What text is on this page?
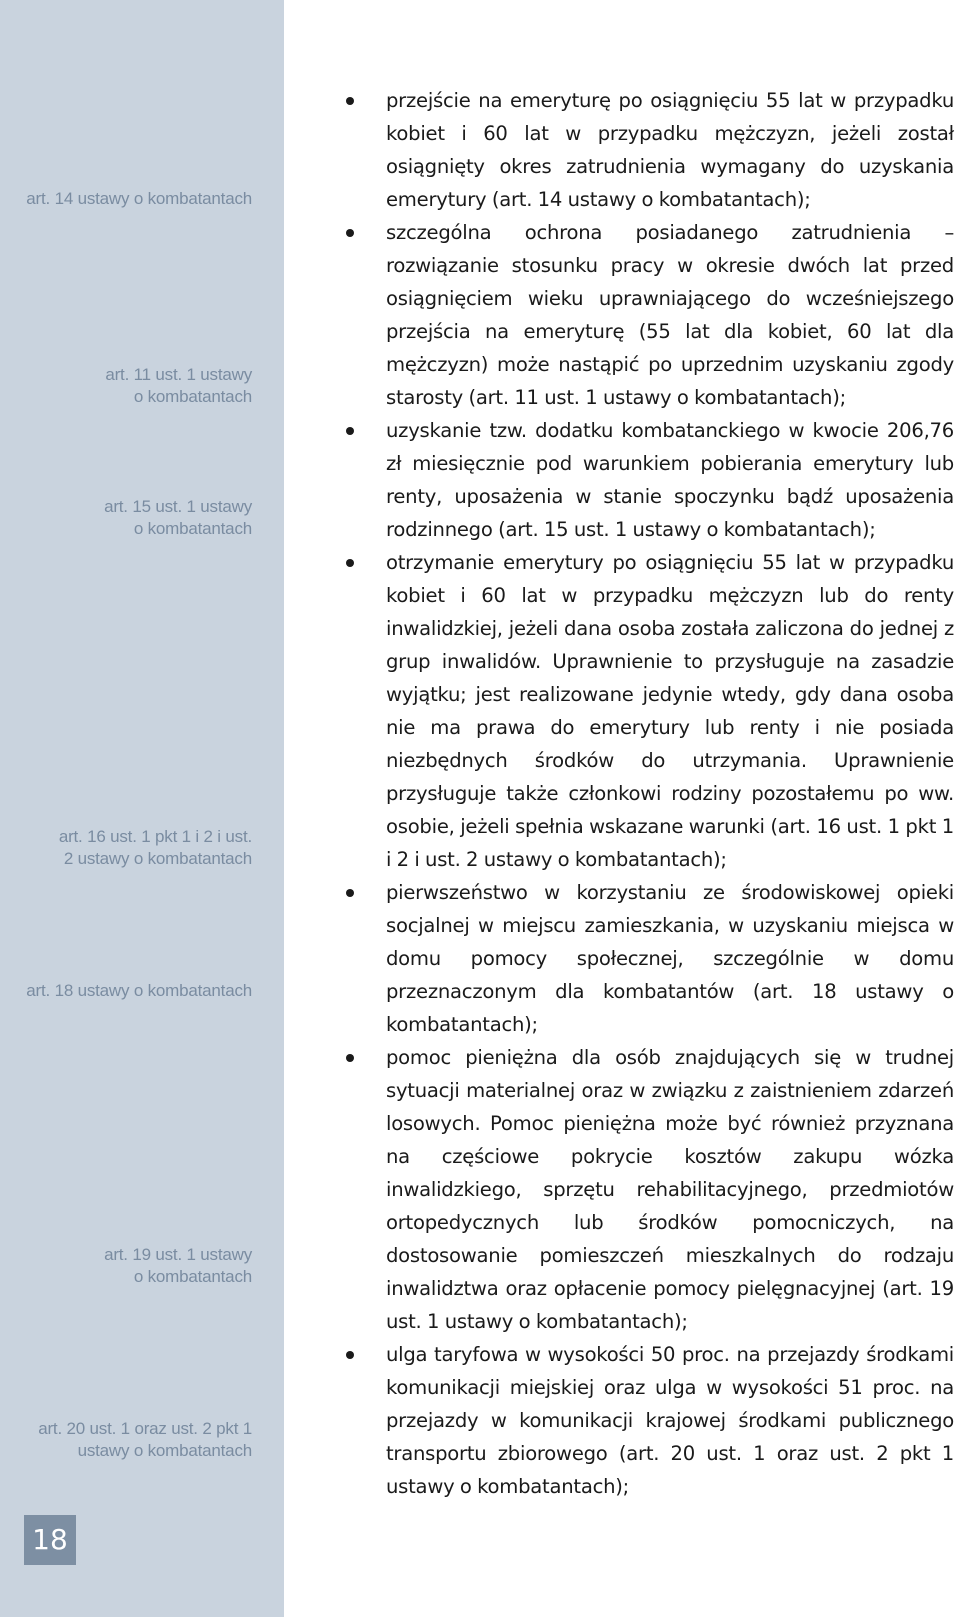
art. 14 ustawy o kombatantach
art. 11 ust. 1 ustawy
o kombatantach
art. 15 ust. 1 ustawy
o kombatantach
art. 16 ust. 1 pkt 1 i 2 i ust.
2 ustawy o kombatantach
art. 18 ustawy o kombatantach
art. 19 ust. 1 ustawy
o kombatantach
art. 20 ust. 1 oraz ust. 2 pkt 1
ustawy o kombatantach
18
przejście na emeryturę po osiągnięciu 55 lat w przypadku kobiet i 60 lat w przypadku mężczyzn, jeżeli został osiągnięty okres zatrudnienia wymagany do uzyskania emerytury (art. 14 ustawy o kombatantach);
szczególna ochrona posiadanego zatrudnienia – rozwiązanie stosunku pracy w okresie dwóch lat przed osiągnięciem wieku uprawniającego do wcześniejszego przejścia na emeryturę (55 lat dla kobiet, 60 lat dla mężczyzn) może nastąpić po uprzednim uzyskaniu zgody starosty (art. 11 ust. 1 ustawy o kombatantach);
uzyskanie tzw. dodatku kombatanckiego w kwocie 206,76 zł miesięcznie pod warunkiem pobierania emerytury lub renty, uposażenia w stanie spoczynku bądź uposażenia rodzinnego (art. 15 ust. 1 ustawy o kombatantach);
otrzymanie emerytury po osiągnięciu 55 lat w przypadku kobiet i 60 lat w przypadku mężczyzn lub do renty inwalidzkiej, jeżeli dana osoba została zaliczona do jednej z grup inwalidów. Uprawnienie to przysługuje na zasadzie wyjątku; jest realizowane jedynie wtedy, gdy dana osoba nie ma prawa do emerytury lub renty i nie posiada niezbędnych środków do utrzymania. Uprawnienie przysługuje także członkowi rodziny pozostałemu po ww. osobie, jeżeli spełnia wskazane warunki (art. 16 ust. 1 pkt 1 i 2 i ust. 2 ustawy o kombatantach);
pierwszeństwo w korzystaniu ze środowiskowej opieki socjalnej w miejscu zamieszkania, w uzyskaniu miejsca w domu pomocy społecznej, szczególnie w domu przeznaczonym dla kombatantów (art. 18 ustawy o kombatantach);
pomoc pieniężna dla osób znajdujących się w trudnej sytuacji materialnej oraz w związku z zaistnieniem zdarzeń losowych. Pomoc pieniężna może być również przyznana na częściowe pokrycie kosztów zakupu wózka inwalidzkiego, sprzętu rehabilitacyjnego, przedmiotów ortopedycznych lub środków pomocniczych, na dostosowanie pomieszczeń mieszkalnych do rodzaju inwalidztwa oraz opłacenie pomocy pielęgnacyjnej (art. 19 ust. 1 ustawy o kombatantach);
ulga taryfowa w wysokości 50 proc. na przejazdy środkami komunikacji miejskiej oraz ulga w wysokości 51 proc. na przejazdy w komunikacji krajowej środkami publicznego transportu zbiorowego (art. 20 ust. 1 oraz ust. 2 pkt 1 ustawy o kombatantach);
